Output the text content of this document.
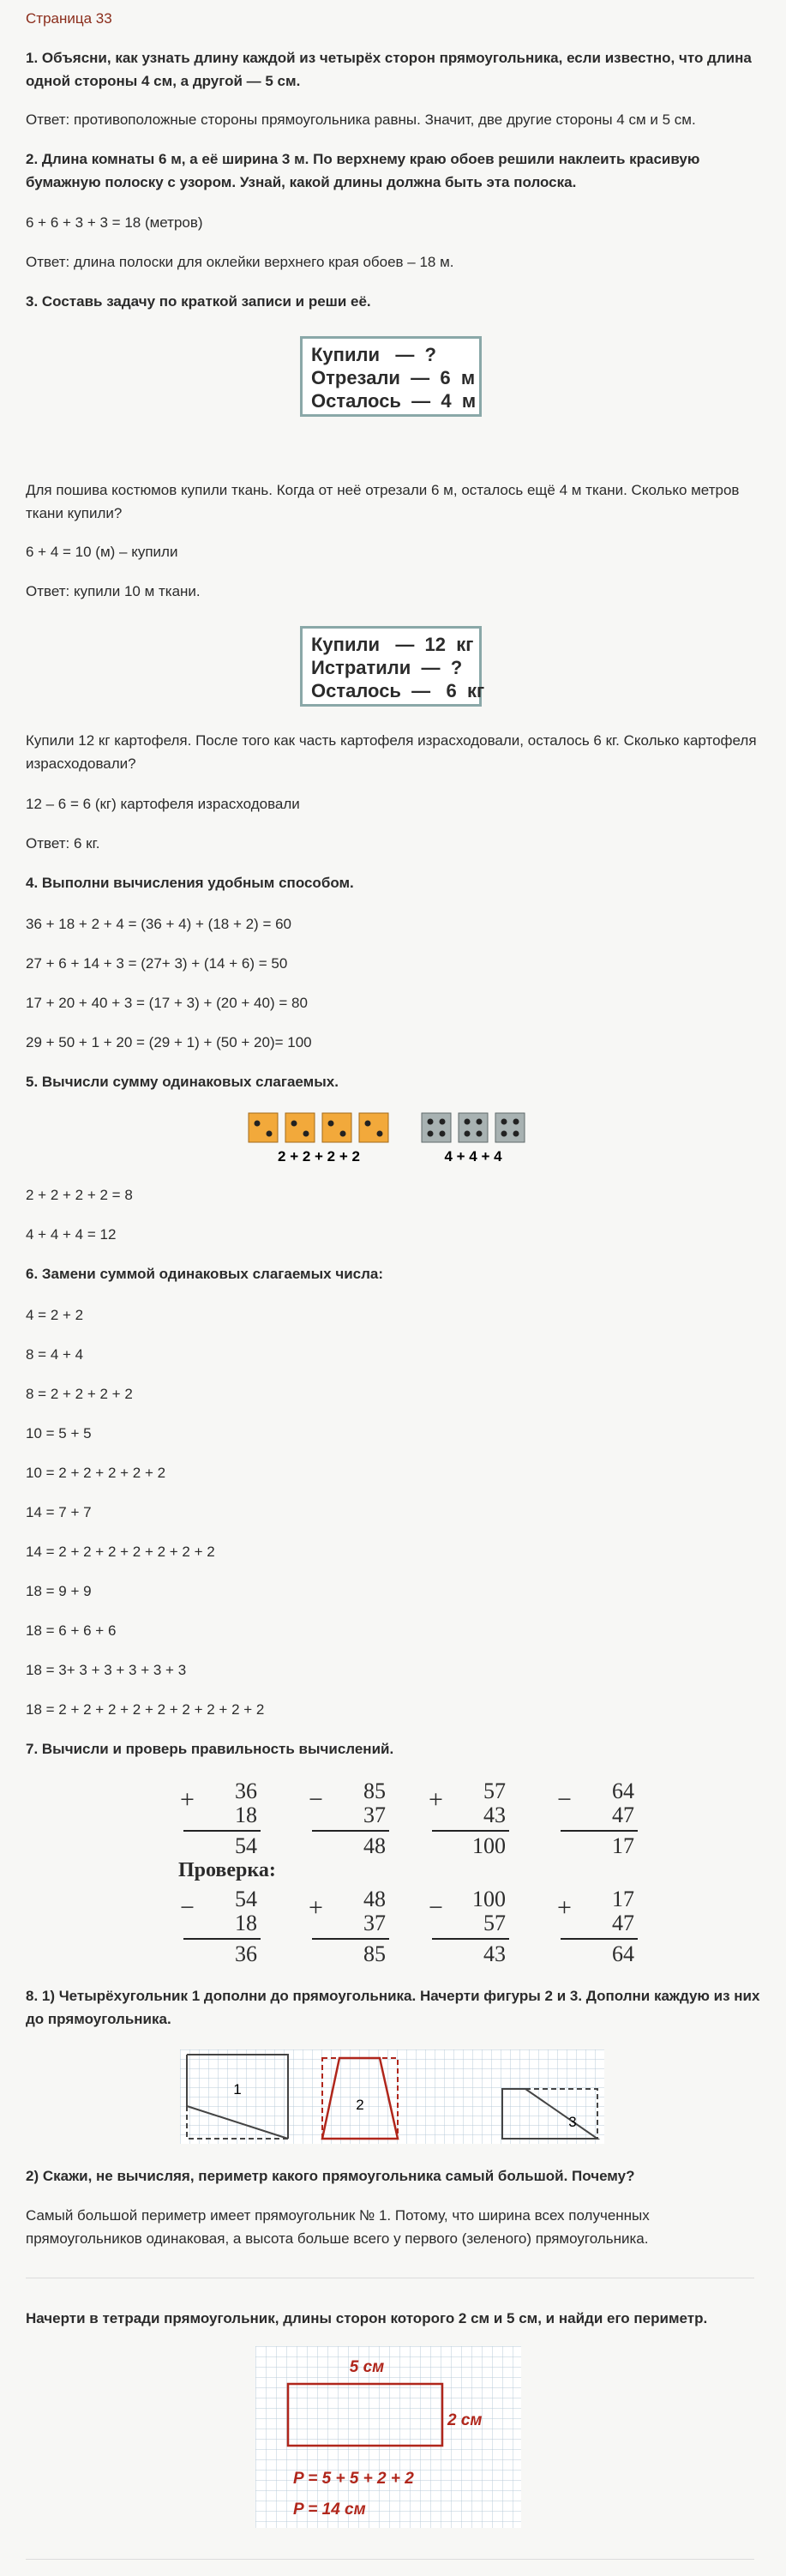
Страница 33

1. Объясни, как узнать длину каждой из четырёх сторон прямоугольника, если известно, что длина одной стороны 4 см, а другой — 5 см.

Ответ: противоположные стороны прямоугольника равны. Значит, две другие стороны 4 см и 5 см.

2. Длина комнаты 6 м, а её ширина 3 м. По верхнему краю обоев решили наклеить красивую бумажную полоску с узором. Узнай, какой длины должна быть эта полоска.

6 + 6 + 3 + 3 = 18 (метров)

Ответ: длина полоски для оклейки верхнего края обоев – 18 м.

3. Составь задачу по краткой записи и реши её.

Купили   —  ?
Отрезали  —  6  м
Осталось  —  4  м

Для пошива костюмов купили ткань. Когда от неё отрезали 6 м, осталось ещё 4 м ткани. Сколько метров ткани купили?

6 + 4 = 10 (м) – купили

Ответ: купили 10 м ткани.

Купили   —  12  кг
Истратили  —  ?
Осталось  —   6  кг

Купили 12 кг картофеля. После того как часть картофеля израсходовали, осталось 6 кг. Сколько картофеля израсходовали?

12 – 6 = 6 (кг) картофеля израсходовали

Ответ: 6 кг.

4. Выполни вычисления удобным способом.

36 + 18 + 2 + 4 = (36 + 4) + (18 + 2) = 60

27 + 6 + 14 + 3 = (27+ 3) + (14 + 6) = 50

17 + 20 + 40 + 3 = (17 + 3) + (20 + 40) = 80

29 + 50 + 1 + 20 = (29 + 1) + (50 + 20)= 100

5. Вычисли сумму одинаковых слагаемых.

2 + 2 + 2 + 2	4 + 4 + 4

2 + 2 + 2 + 2 = 8

4 + 4 + 4 = 12

6. Замени суммой одинаковых слагаемых числа:

4 = 2 + 2

8 = 4 + 4

8 = 2 + 2 + 2 + 2

10 = 5 + 5

10 = 2 + 2 + 2 + 2 + 2

14 = 7 + 7

14 = 2 + 2 + 2 + 2 + 2 + 2 + 2

18 = 9 + 9

18 = 6 + 6 + 6

18 = 3+ 3 + 3 + 3 + 3 + 3

18 = 2 + 2 + 2 + 2 + 2 + 2 + 2 + 2 + 2

7. Вычисли и проверь правильность вычислений.

+ 36
18
54
− 85
37
48
+ 57
43
100
− 64
47
17
Проверка:
− 54
18
36
+ 48
37
85
− 100
57
43
+ 17
47
64

8. 1) Четырёхугольник 1 дополни до прямоугольника. Начерти фигуры 2 и 3. Дополни каждую из них до прямоугольника.

1
2
3

2) Скажи, не вычисляя, периметр какого прямоугольника самый большой. Почему?

Самый большой периметр имеет прямоугольник № 1. Потому, что ширина всех полученных прямоугольников одинаковая, а высота больше всего у первого (зеленого) прямоугольника.

Начерти в тетради прямоугольник, длины сторон которого 2 см и 5 см, и найди его периметр.

5 см
2 см
P = 5 + 5 + 2 + 2
P = 14 см
